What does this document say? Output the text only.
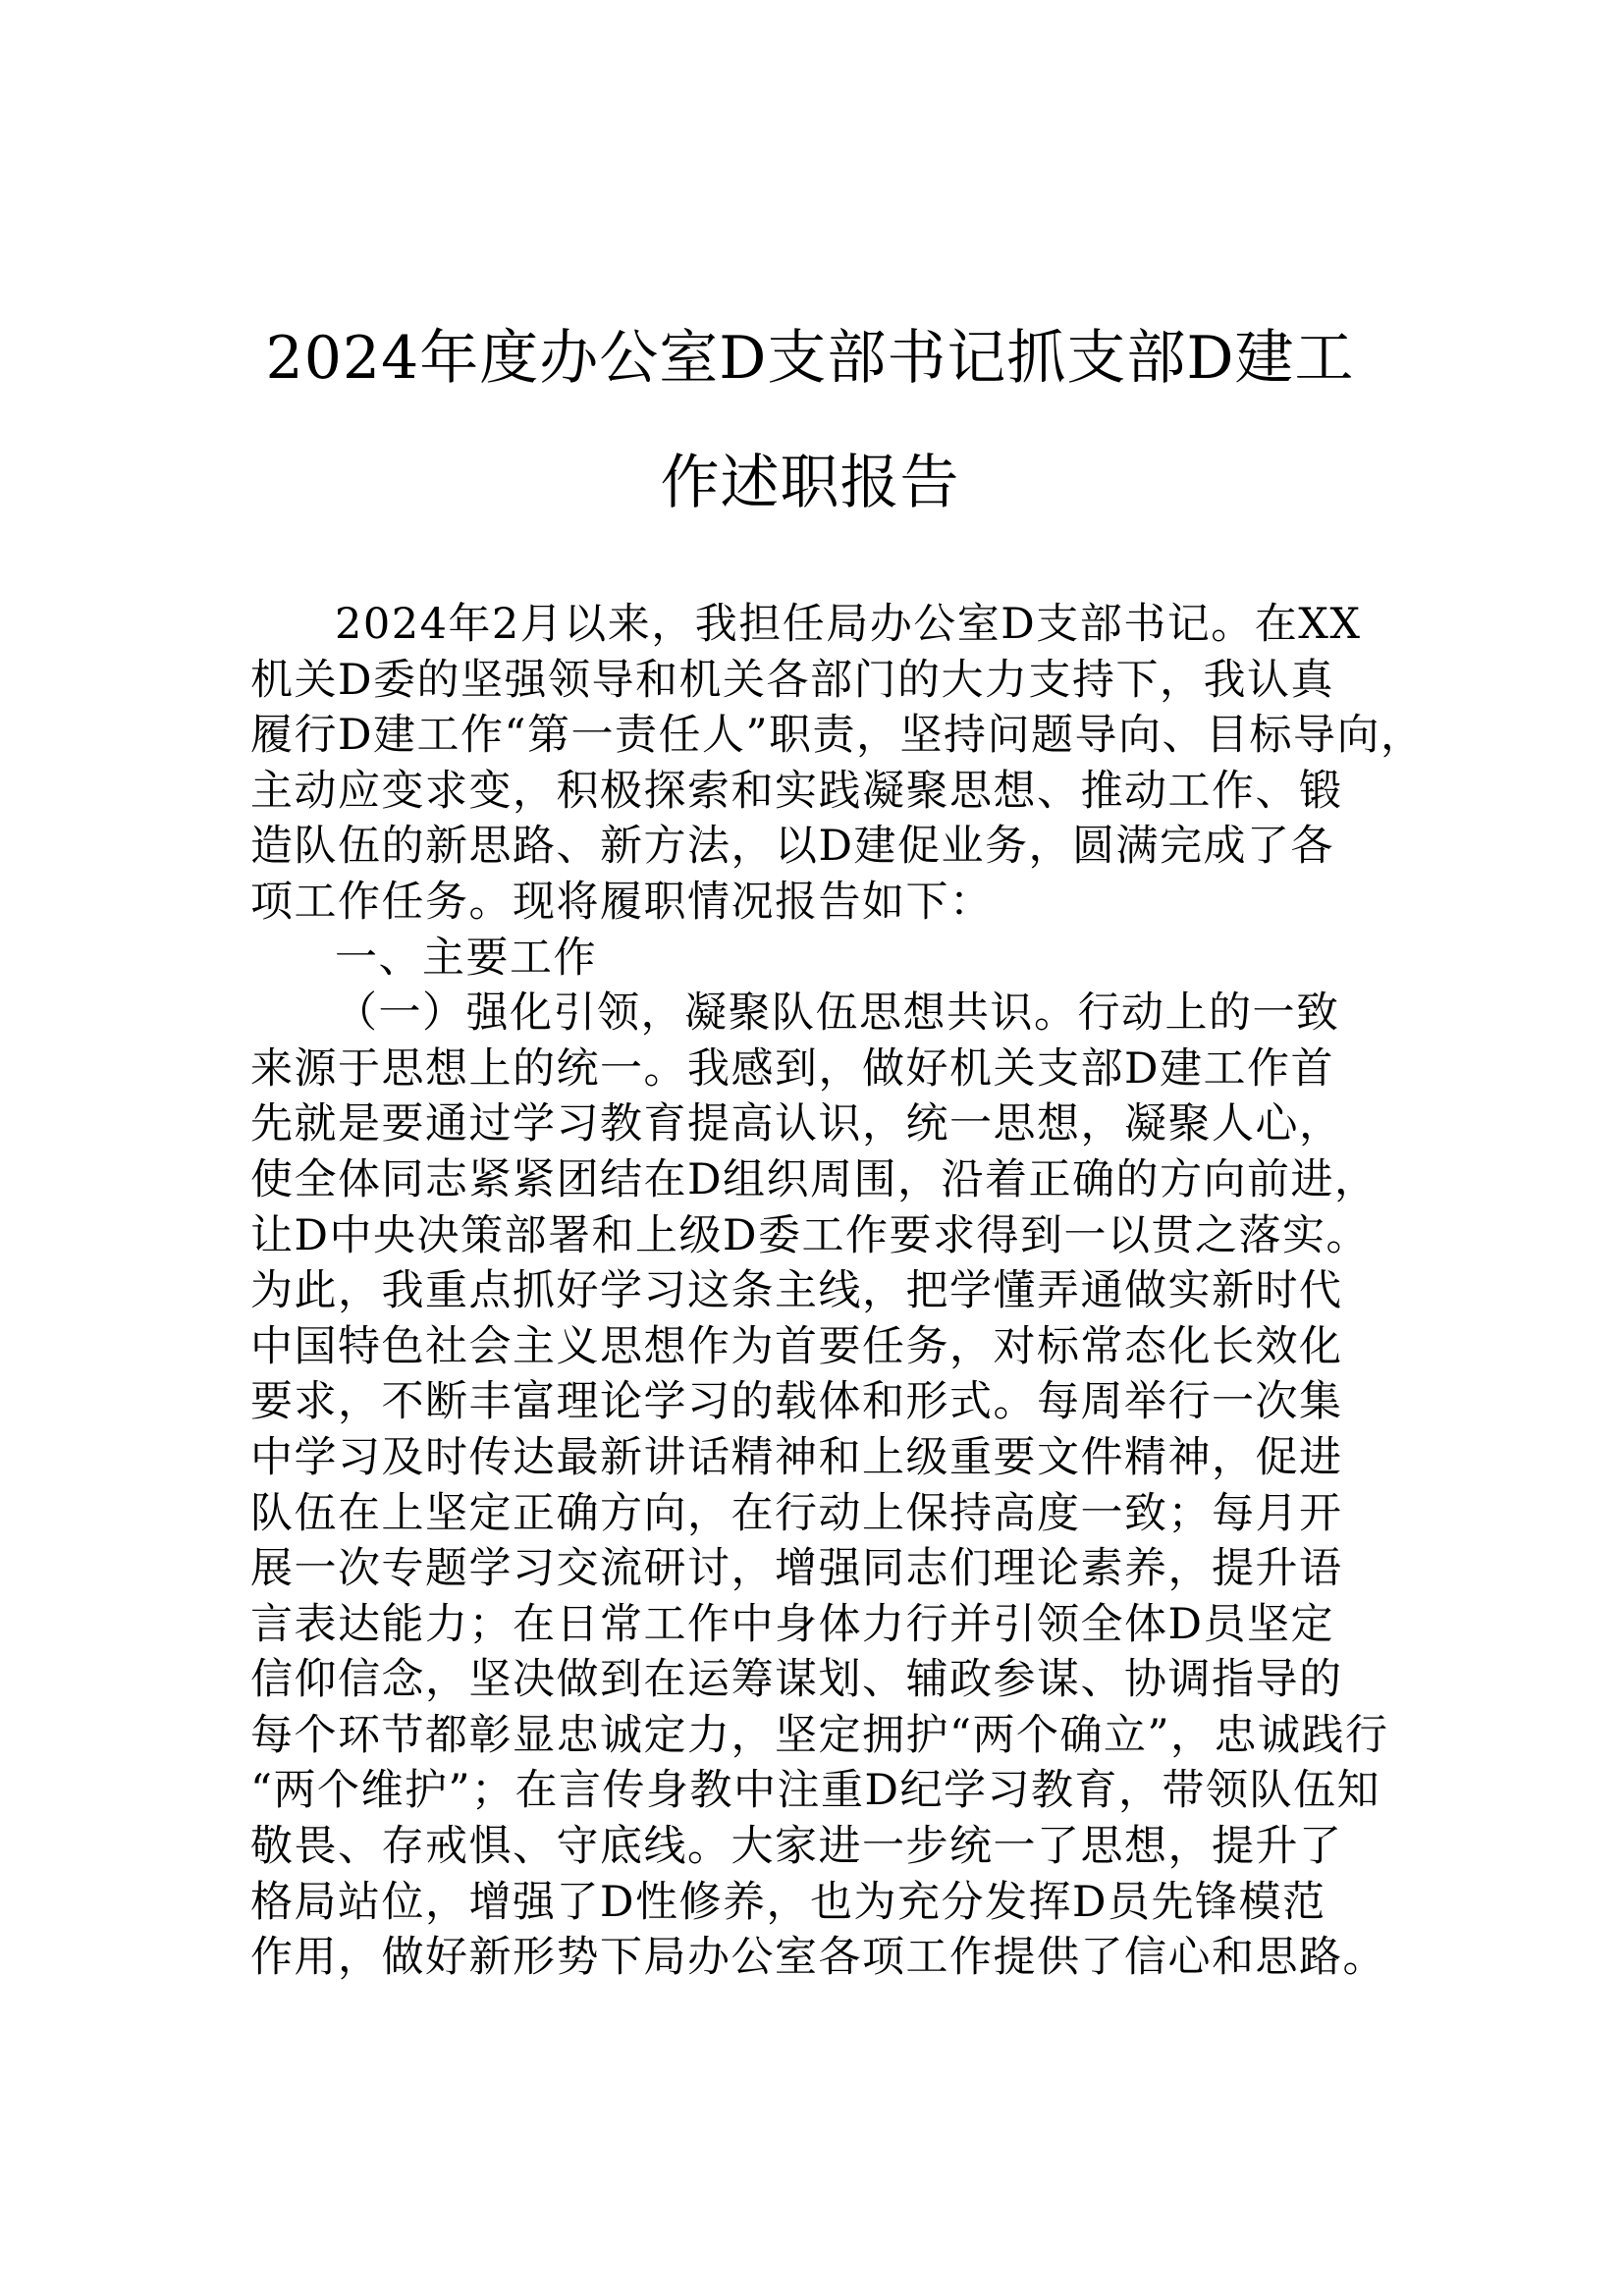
2024年度办公室D支部书记抓支部D建工
作述职报告
2024年2月以来，我担任局办公室D支部书记。在XX
机关D委的坚强领导和机关各部门的大力支持下，我认真
履行D建工作“第一责任人”职责，坚持问题导向、目标导向，
主动应变求变，积极探索和实践凝聚思想、推动工作、锻
造队伍的新思路、新方法，以D建促业务，圆满完成了各
项工作任务。现将履职情况报告如下：
一、主要工作
（一）强化引领，凝聚队伍思想共识。行动上的一致
来源于思想上的统一。我感到，做好机关支部D建工作首
先就是要通过学习教育提高认识，统一思想，凝聚人心，
使全体同志紧紧团结在D组织周围，沿着正确的方向前进，
让D中央决策部署和上级D委工作要求得到一以贯之落实。
为此，我重点抓好学习这条主线，把学懂弄通做实新时代
中国特色社会主义思想作为首要任务，对标常态化长效化
要求，不断丰富理论学习的载体和形式。每周举行一次集
中学习及时传达最新讲话精神和上级重要文件精神，促进
队伍在上坚定正确方向，在行动上保持高度一致；每月开
展一次专题学习交流研讨，增强同志们理论素养，提升语
言表达能力；在日常工作中身体力行并引领全体D员坚定
信仰信念，坚决做到在运筹谋划、辅政参谋、协调指导的
每个环节都彰显忠诚定力，坚定拥护“两个确立”，忠诚践行
“两个维护”；在言传身教中注重D纪学习教育，带领队伍知
敬畏、存戒惧、守底线。大家进一步统一了思想，提升了
格局站位，增强了D性修养，也为充分发挥D员先锋模范
作用，做好新形势下局办公室各项工作提供了信心和思路。
